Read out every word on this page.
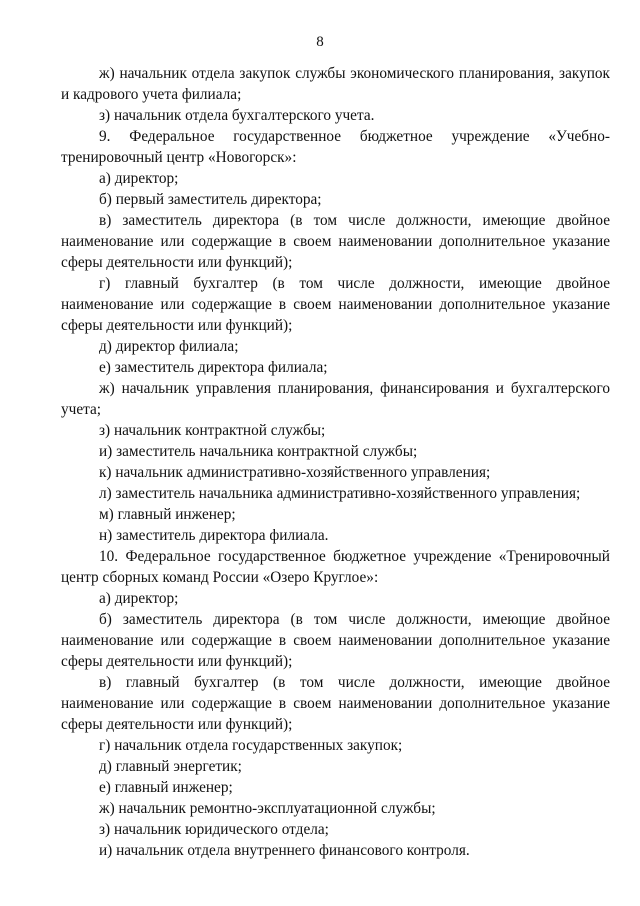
8

ж) начальник отдела закупок службы экономического планирования, закупок и кадрового учета филиала;

з) начальник отдела бухгалтерского учета.

9. Федеральное государственное бюджетное учреждение «Учебно-тренировочный центр «Новогорск»:

а) директор;

б) первый заместитель директора;

в) заместитель директора (в том числе должности, имеющие двойное наименование или содержащие в своем наименовании дополнительное указание сферы деятельности или функций);

г) главный бухгалтер (в том числе должности, имеющие двойное наименование или содержащие в своем наименовании дополнительное указание сферы деятельности или функций);

д) директор филиала;

е) заместитель директора филиала;

ж) начальник управления планирования, финансирования и бухгалтерского учета;

з) начальник контрактной службы;

и) заместитель начальника контрактной службы;

к) начальник административно-хозяйственного управления;

л) заместитель начальника административно-хозяйственного управления;

м) главный инженер;

н) заместитель директора филиала.

10. Федеральное государственное бюджетное учреждение «Тренировочный центр сборных команд России «Озеро Круглое»:

а) директор;

б) заместитель директора (в том числе должности, имеющие двойное наименование или содержащие в своем наименовании дополнительное указание сферы деятельности или функций);

в) главный бухгалтер (в том числе должности, имеющие двойное наименование или содержащие в своем наименовании дополнительное указание сферы деятельности или функций);

г) начальник отдела государственных закупок;

д) главный энергетик;

е) главный инженер;

ж) начальник ремонтно-эксплуатационной службы;

з) начальник юридического отдела;

и) начальник отдела внутреннего финансового контроля.
